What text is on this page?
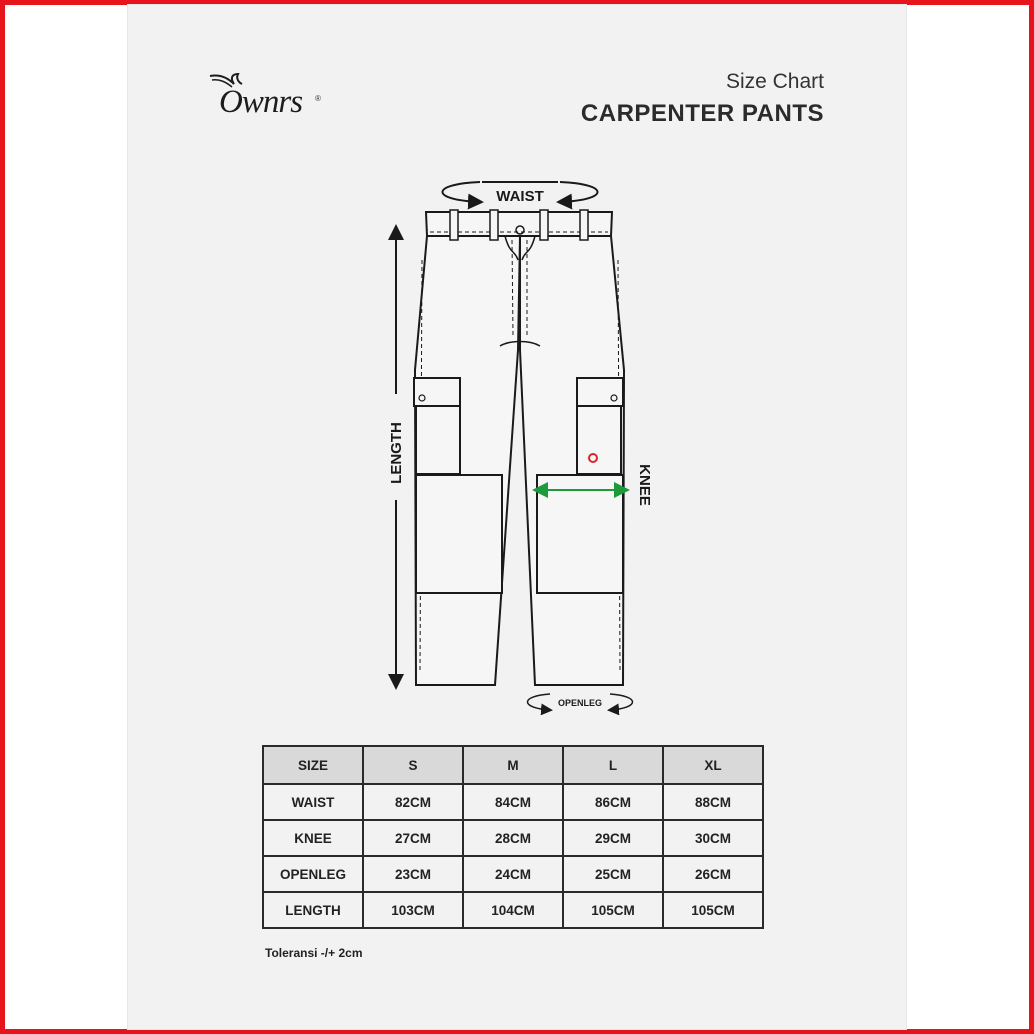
Ownrs ®
Size Chart
CARPENTER PANTS
WAIST
LENGTH
KNEE
OPENLEG
SIZE	S	M	L	XL
WAIST	82CM	84CM	86CM	88CM
KNEE	27CM	28CM	29CM	30CM
OPENLEG	23CM	24CM	25CM	26CM
LENGTH	103CM	104CM	105CM	105CM
Toleransi -/+ 2cm
